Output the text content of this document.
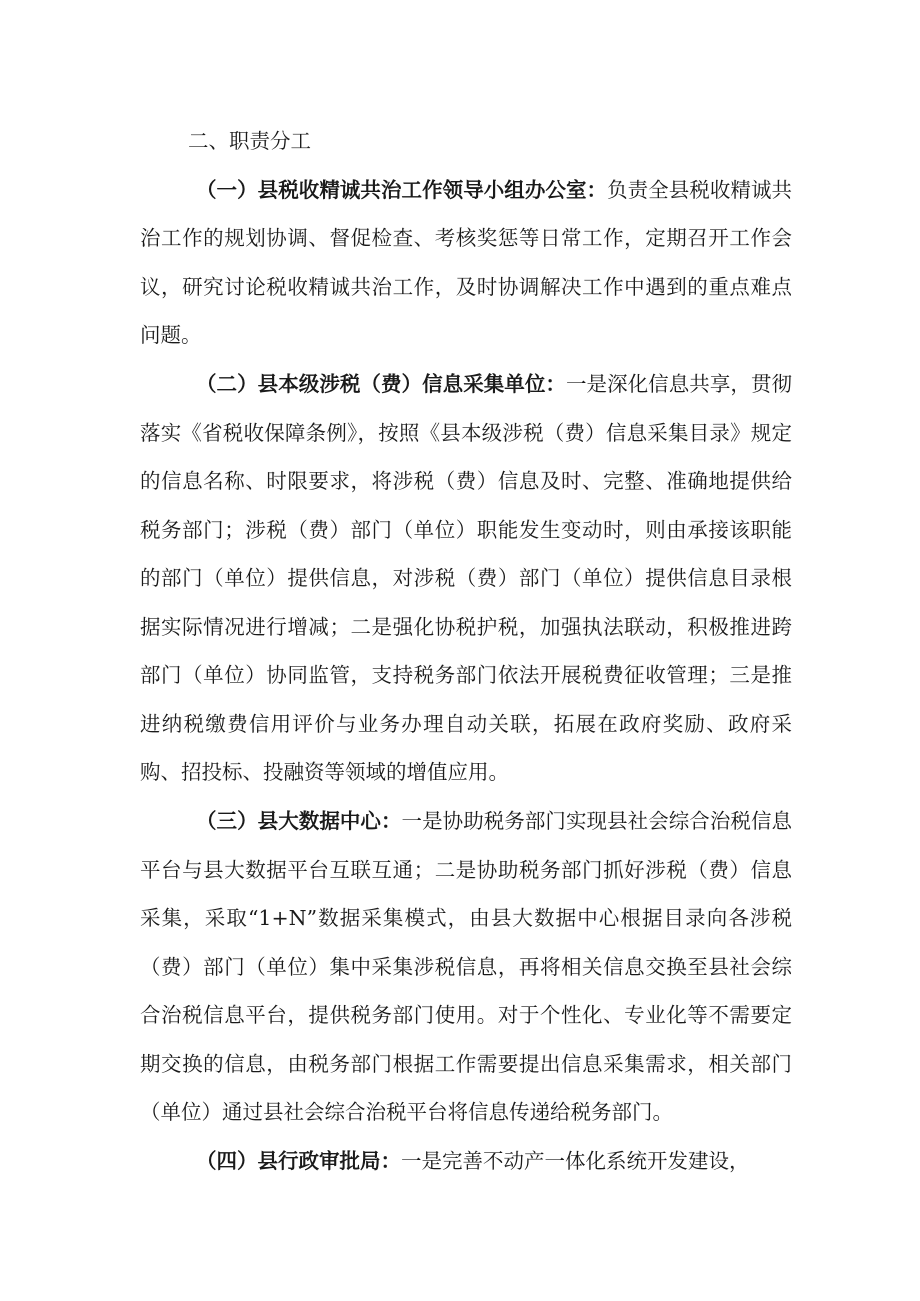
二、职责分工

（一）县税收精诚共治工作领导小组办公室：负责全县税收精诚共治工作的规划协调、督促检查、考核奖惩等日常工作，定期召开工作会议，研究讨论税收精诚共治工作，及时协调解决工作中遇到的重点难点问题。

（二）县本级涉税（费）信息采集单位：一是深化信息共享，贯彻落实《省税收保障条例》，按照《县本级涉税（费）信息采集目录》规定的信息名称、时限要求，将涉税（费）信息及时、完整、准确地提供给税务部门；涉税（费）部门（单位）职能发生变动时，则由承接该职能的部门（单位）提供信息，对涉税（费）部门（单位）提供信息目录根据实际情况进行增减；二是强化协税护税，加强执法联动，积极推进跨部门（单位）协同监管，支持税务部门依法开展税费征收管理；三是推进纳税缴费信用评价与业务办理自动关联，拓展在政府奖励、政府采购、招投标、投融资等领域的增值应用。

（三）县大数据中心：一是协助税务部门实现县社会综合治税信息平台与县大数据平台互联互通；二是协助税务部门抓好涉税（费）信息采集，采取“1+N”数据采集模式，由县大数据中心根据目录向各涉税（费）部门（单位）集中采集涉税信息，再将相关信息交换至县社会综合治税信息平台，提供税务部门使用。对于个性化、专业化等不需要定期交换的信息，由税务部门根据工作需要提出信息采集需求，相关部门（单位）通过县社会综合治税平台将信息传递给税务部门。

（四）县行政审批局：一是完善不动产一体化系统开发建设，
